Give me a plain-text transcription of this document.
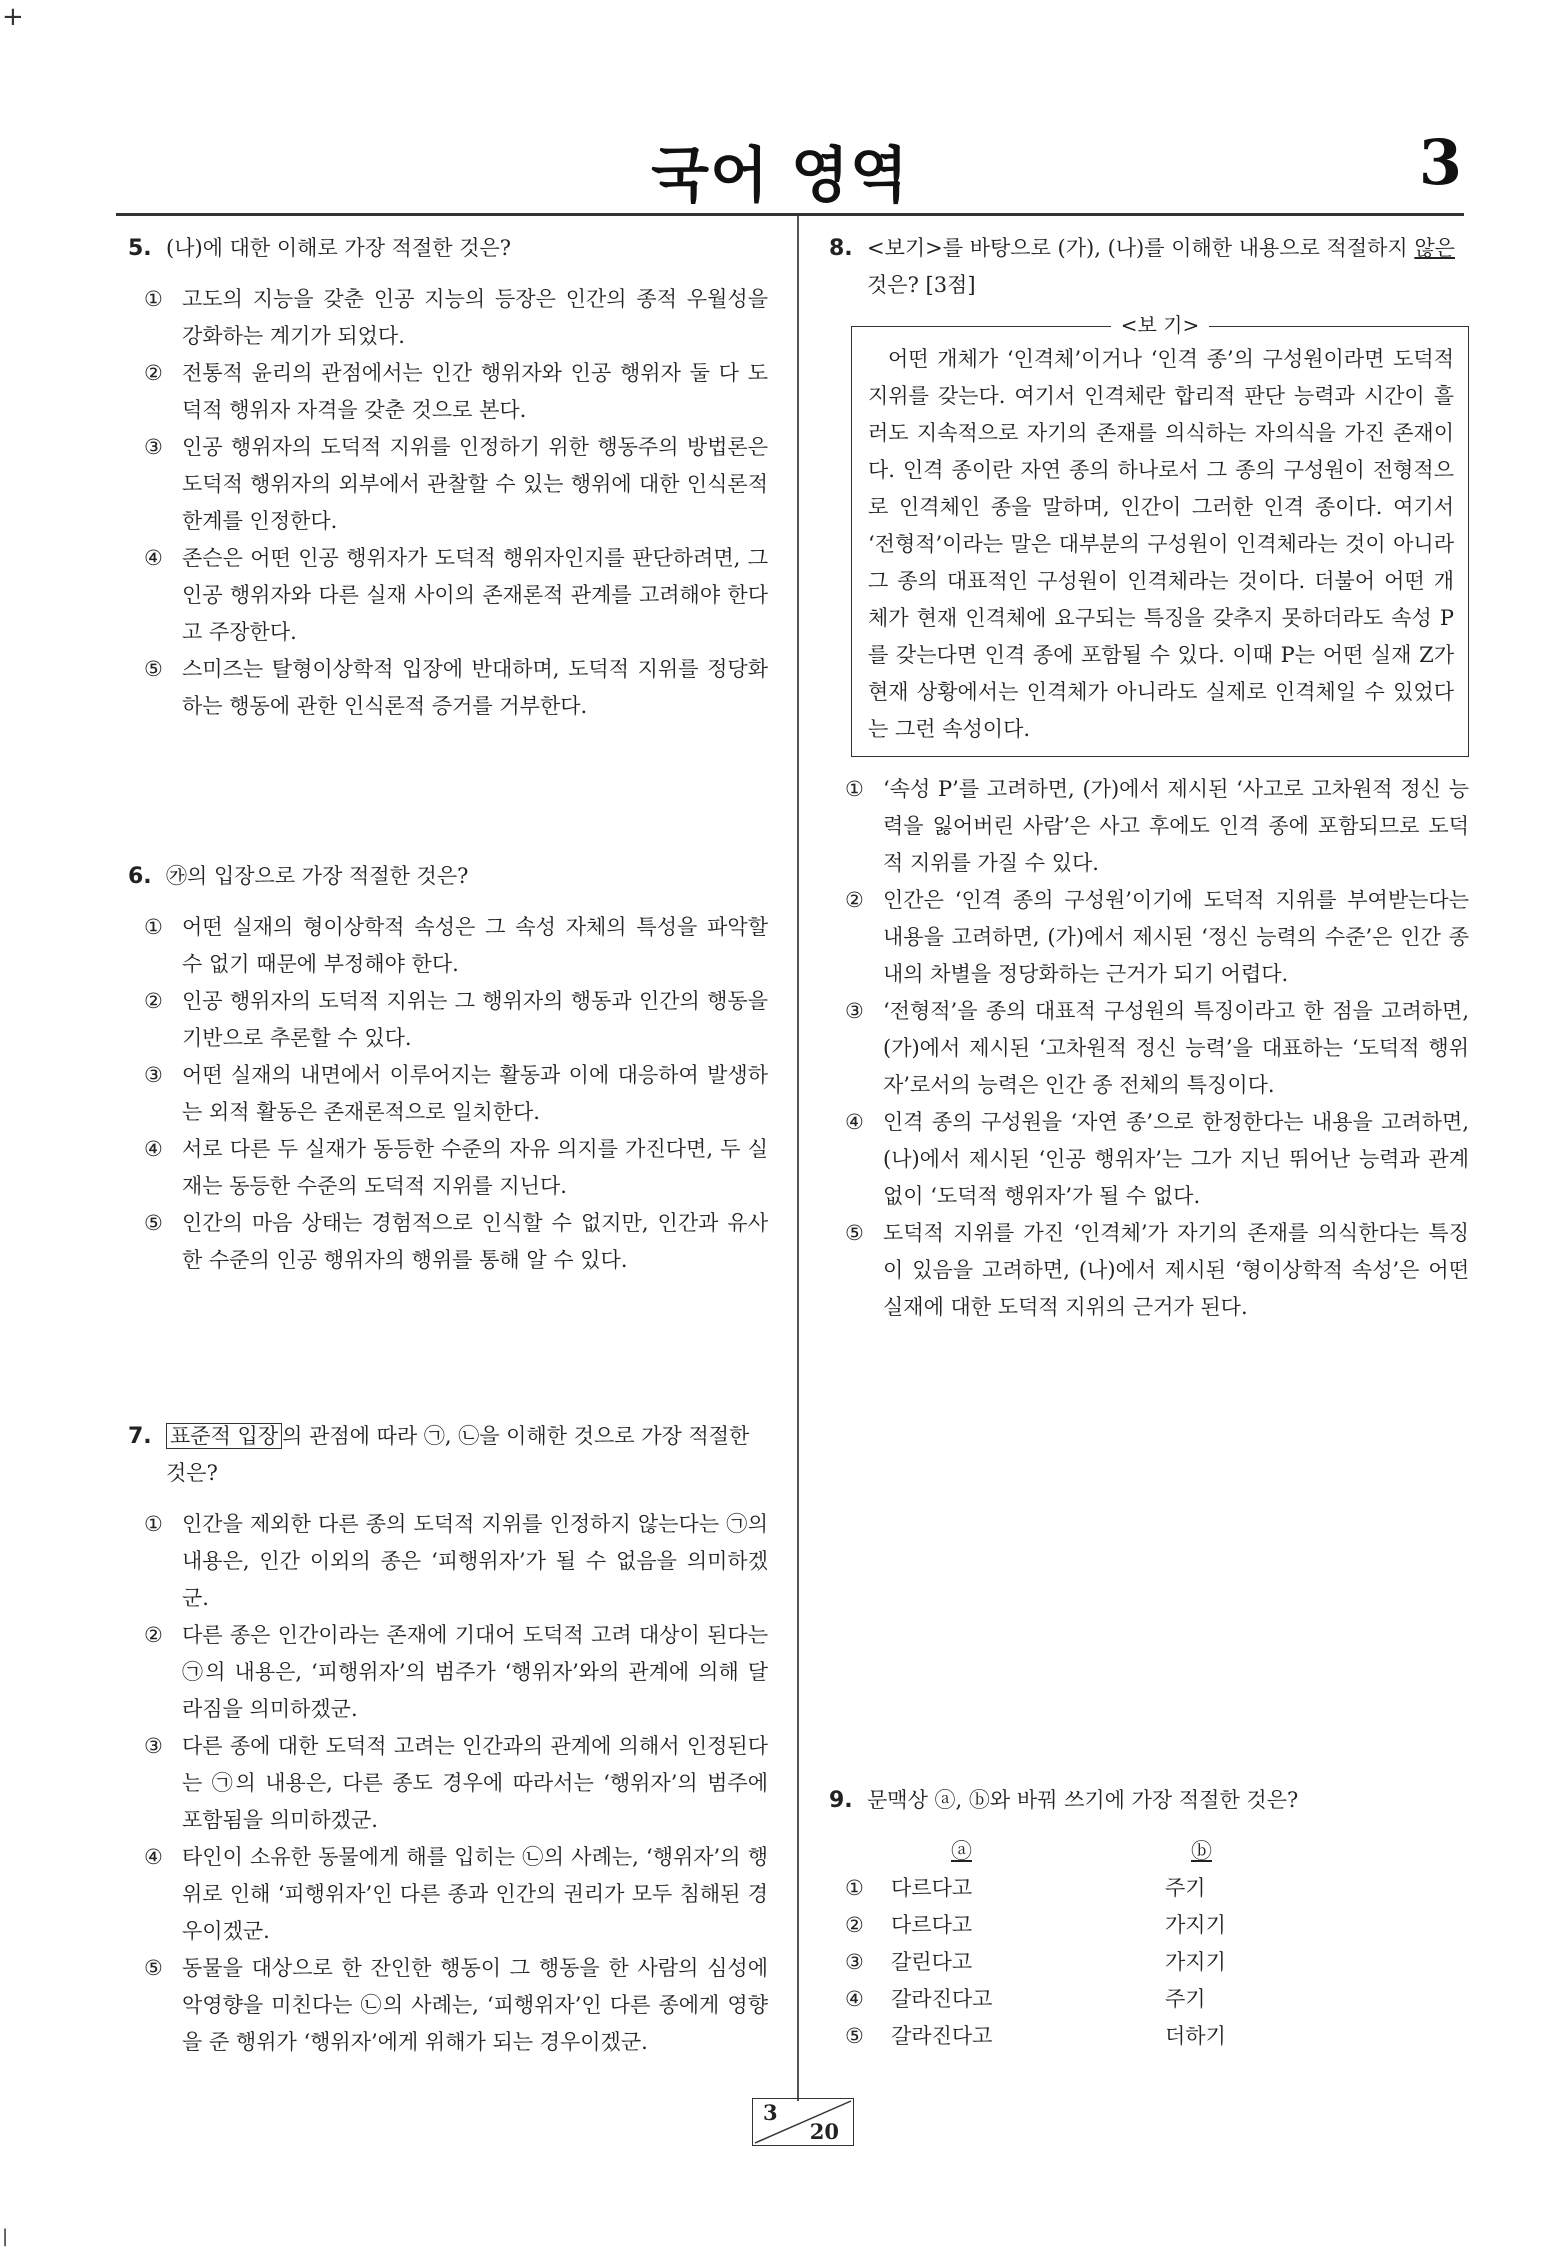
+
|
국어 영역	3
5. (나)에 대한 이해로 가장 적절한 것은?
① 고도의 지능을 갖춘 인공 지능의 등장은 인간의 종적 우월성을 강화하는 계기가 되었다.
② 전통적 윤리의 관점에서는 인간 행위자와 인공 행위자 둘 다 도덕적 행위자 자격을 갖춘 것으로 본다.
③ 인공 행위자의 도덕적 지위를 인정하기 위한 행동주의 방법론은 도덕적 행위자의 외부에서 관찰할 수 있는 행위에 대한 인식론적 한계를 인정한다.
④ 존슨은 어떤 인공 행위자가 도덕적 행위자인지를 판단하려면, 그 인공 행위자와 다른 실재 사이의 존재론적 관계를 고려해야 한다고 주장한다.
⑤ 스미즈는 탈형이상학적 입장에 반대하며, 도덕적 지위를 정당화하는 행동에 관한 인식론적 증거를 거부한다.
6. ㉮의 입장으로 가장 적절한 것은?
① 어떤 실재의 형이상학적 속성은 그 속성 자체의 특성을 파악할 수 없기 때문에 부정해야 한다.
② 인공 행위자의 도덕적 지위는 그 행위자의 행동과 인간의 행동을 기반으로 추론할 수 있다.
③ 어떤 실재의 내면에서 이루어지는 활동과 이에 대응하여 발생하는 외적 활동은 존재론적으로 일치한다.
④ 서로 다른 두 실재가 동등한 수준의 자유 의지를 가진다면, 두 실재는 동등한 수준의 도덕적 지위를 지닌다.
⑤ 인간의 마음 상태는 경험적으로 인식할 수 없지만, 인간과 유사한 수준의 인공 행위자의 행위를 통해 알 수 있다.
7. 표준적 입장 의 관점에 따라 ㉠, ㉡을 이해한 것으로 가장 적절한 것은?
① 인간을 제외한 다른 종의 도덕적 지위를 인정하지 않는다는 ㉠의 내용은, 인간 이외의 종은 ‘피행위자’가 될 수 없음을 의미하겠군.
② 다른 종은 인간이라는 존재에 기대어 도덕적 고려 대상이 된다는 ㉠의 내용은, ‘피행위자’의 범주가 ‘행위자’와의 관계에 의해 달라짐을 의미하겠군.
③ 다른 종에 대한 도덕적 고려는 인간과의 관계에 의해서 인정된다는 ㉠의 내용은, 다른 종도 경우에 따라서는 ‘행위자’의 범주에 포함됨을 의미하겠군.
④ 타인이 소유한 동물에게 해를 입히는 ㉡의 사례는, ‘행위자’의 행위로 인해 ‘피행위자’인 다른 종과 인간의 권리가 모두 침해된 경우이겠군.
⑤ 동물을 대상으로 한 잔인한 행동이 그 행동을 한 사람의 심성에 악영향을 미친다는 ㉡의 사례는, ‘피행위자’인 다른 종에게 영향을 준 행위가 ‘행위자’에게 위해가 되는 경우이겠군.
8. <보기>를 바탕으로 (가), (나)를 이해한 내용으로 적절하지 않은 것은? [3점]
<보 기>
어떤 개체가 ‘인격체’이거나 ‘인격 종’의 구성원이라면 도덕적 지위를 갖는다. 여기서 인격체란 합리적 판단 능력과 시간이 흘러도 지속적으로 자기의 존재를 의식하는 자의식을 가진 존재이다. 인격 종이란 자연 종의 하나로서 그 종의 구성원이 전형적으로 인격체인 종을 말하며, 인간이 그러한 인격 종이다. 여기서 ‘전형적’이라는 말은 대부분의 구성원이 인격체라는 것이 아니라 그 종의 대표적인 구성원이 인격체라는 것이다. 더불어 어떤 개체가 현재 인격체에 요구되는 특징을 갖추지 못하더라도 속성 P를 갖는다면 인격 종에 포함될 수 있다. 이때 P는 어떤 실재 Z가 현재 상황에서는 인격체가 아니라도 실제로 인격체일 수 있었다는 그런 속성이다.
① ‘속성 P’를 고려하면, (가)에서 제시된 ‘사고로 고차원적 정신 능력을 잃어버린 사람’은 사고 후에도 인격 종에 포함되므로 도덕적 지위를 가질 수 있다.
② 인간은 ‘인격 종의 구성원’이기에 도덕적 지위를 부여받는다는 내용을 고려하면, (가)에서 제시된 ‘정신 능력의 수준’은 인간 종 내의 차별을 정당화하는 근거가 되기 어렵다.
③ ‘전형적’을 종의 대표적 구성원의 특징이라고 한 점을 고려하면, (가)에서 제시된 ‘고차원적 정신 능력’을 대표하는 ‘도덕적 행위자’로서의 능력은 인간 종 전체의 특징이다.
④ 인격 종의 구성원을 ‘자연 종’으로 한정한다는 내용을 고려하면, (나)에서 제시된 ‘인공 행위자’는 그가 지닌 뛰어난 능력과 관계없이 ‘도덕적 행위자’가 될 수 없다.
⑤ 도덕적 지위를 가진 ‘인격체’가 자기의 존재를 의식한다는 특징이 있음을 고려하면, (나)에서 제시된 ‘형이상학적 속성’은 어떤 실재에 대한 도덕적 지위의 근거가 된다.
9. 문맥상 ⓐ, ⓑ와 바꿔 쓰기에 가장 적절한 것은?
ⓐ	ⓑ
①	다르다고	주기
②	다르다고	가지기
③	갈린다고	가지기
④	갈라진다고	주기
⑤	갈라진다고	더하기
3
20
